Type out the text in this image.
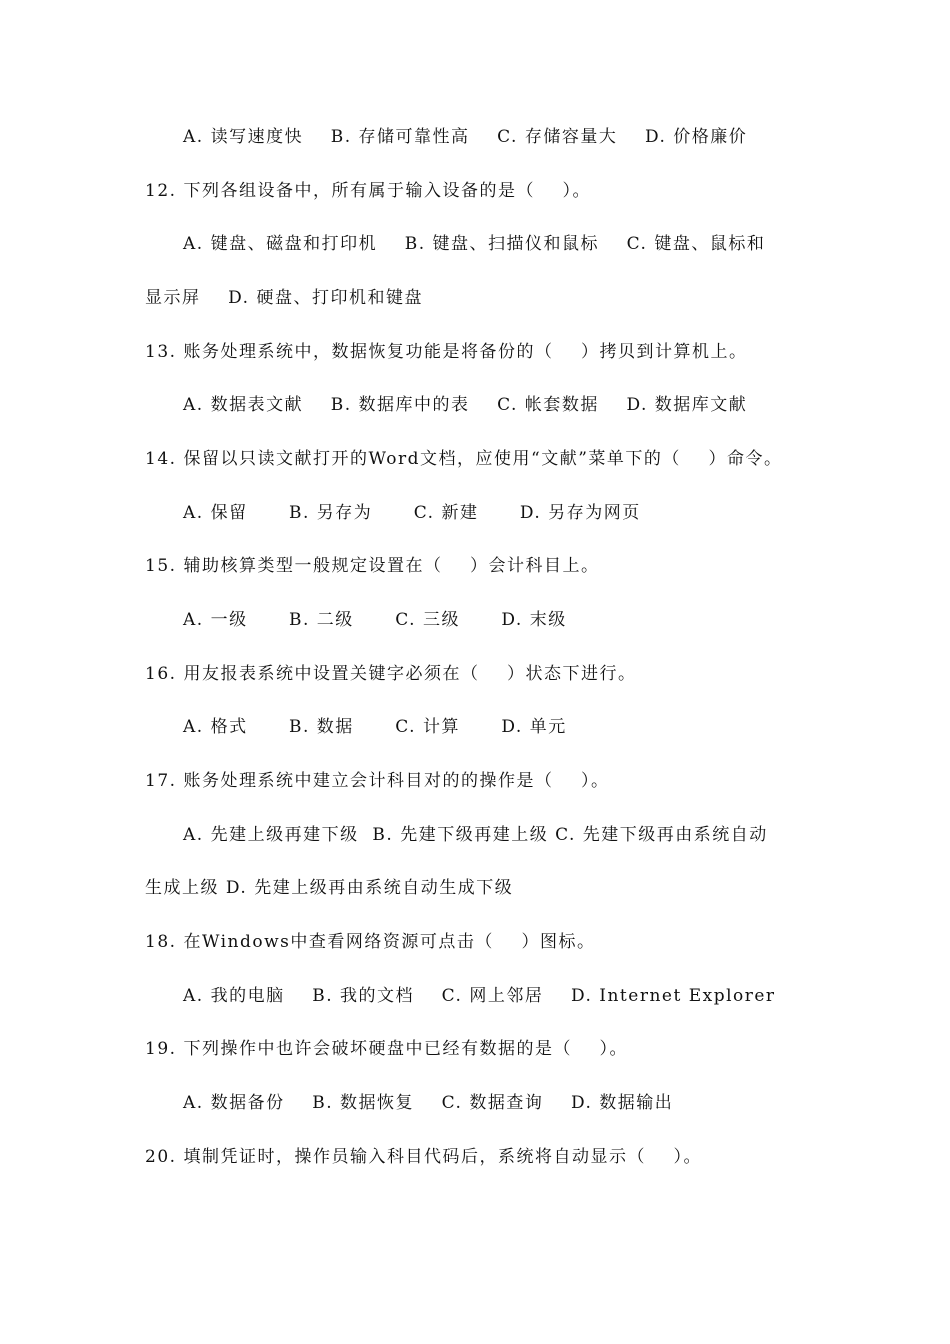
A. 读写速度快    B. 存储可靠性高    C. 存储容量大    D. 价格廉价
12. 下列各组设备中，所有属于输入设备的是（    ）。
A. 键盘、磁盘和打印机    B. 键盘、扫描仪和鼠标    C. 键盘、鼠标和
显示屏    D. 硬盘、打印机和键盘
13. 账务处理系统中，数据恢复功能是将备份的（    ）拷贝到计算机上。
A. 数据表文献    B. 数据库中的表    C. 帐套数据    D. 数据库文献
14. 保留以只读文献打开的Word文档，应使用“文献”菜单下的（    ）命令。
A. 保留      B. 另存为      C. 新建      D. 另存为网页
15. 辅助核算类型一般规定设置在（    ）会计科目上。
A. 一级      B. 二级      C. 三级      D. 末级
16. 用友报表系统中设置关键字必须在（    ）状态下进行。
A. 格式      B. 数据      C. 计算      D. 单元
17. 账务处理系统中建立会计科目对的的操作是（    ）。
A. 先建上级再建下级  B. 先建下级再建上级 C. 先建下级再由系统自动
生成上级 D. 先建上级再由系统自动生成下级
18. 在Windows中查看网络资源可点击（    ）图标。
A. 我的电脑    B. 我的文档    C. 网上邻居    D. Internet Explorer
19. 下列操作中也许会破坏硬盘中已经有数据的是（    ）。
A. 数据备份    B. 数据恢复    C. 数据查询    D. 数据输出
20. 填制凭证时，操作员输入科目代码后，系统将自动显示（    ）。
